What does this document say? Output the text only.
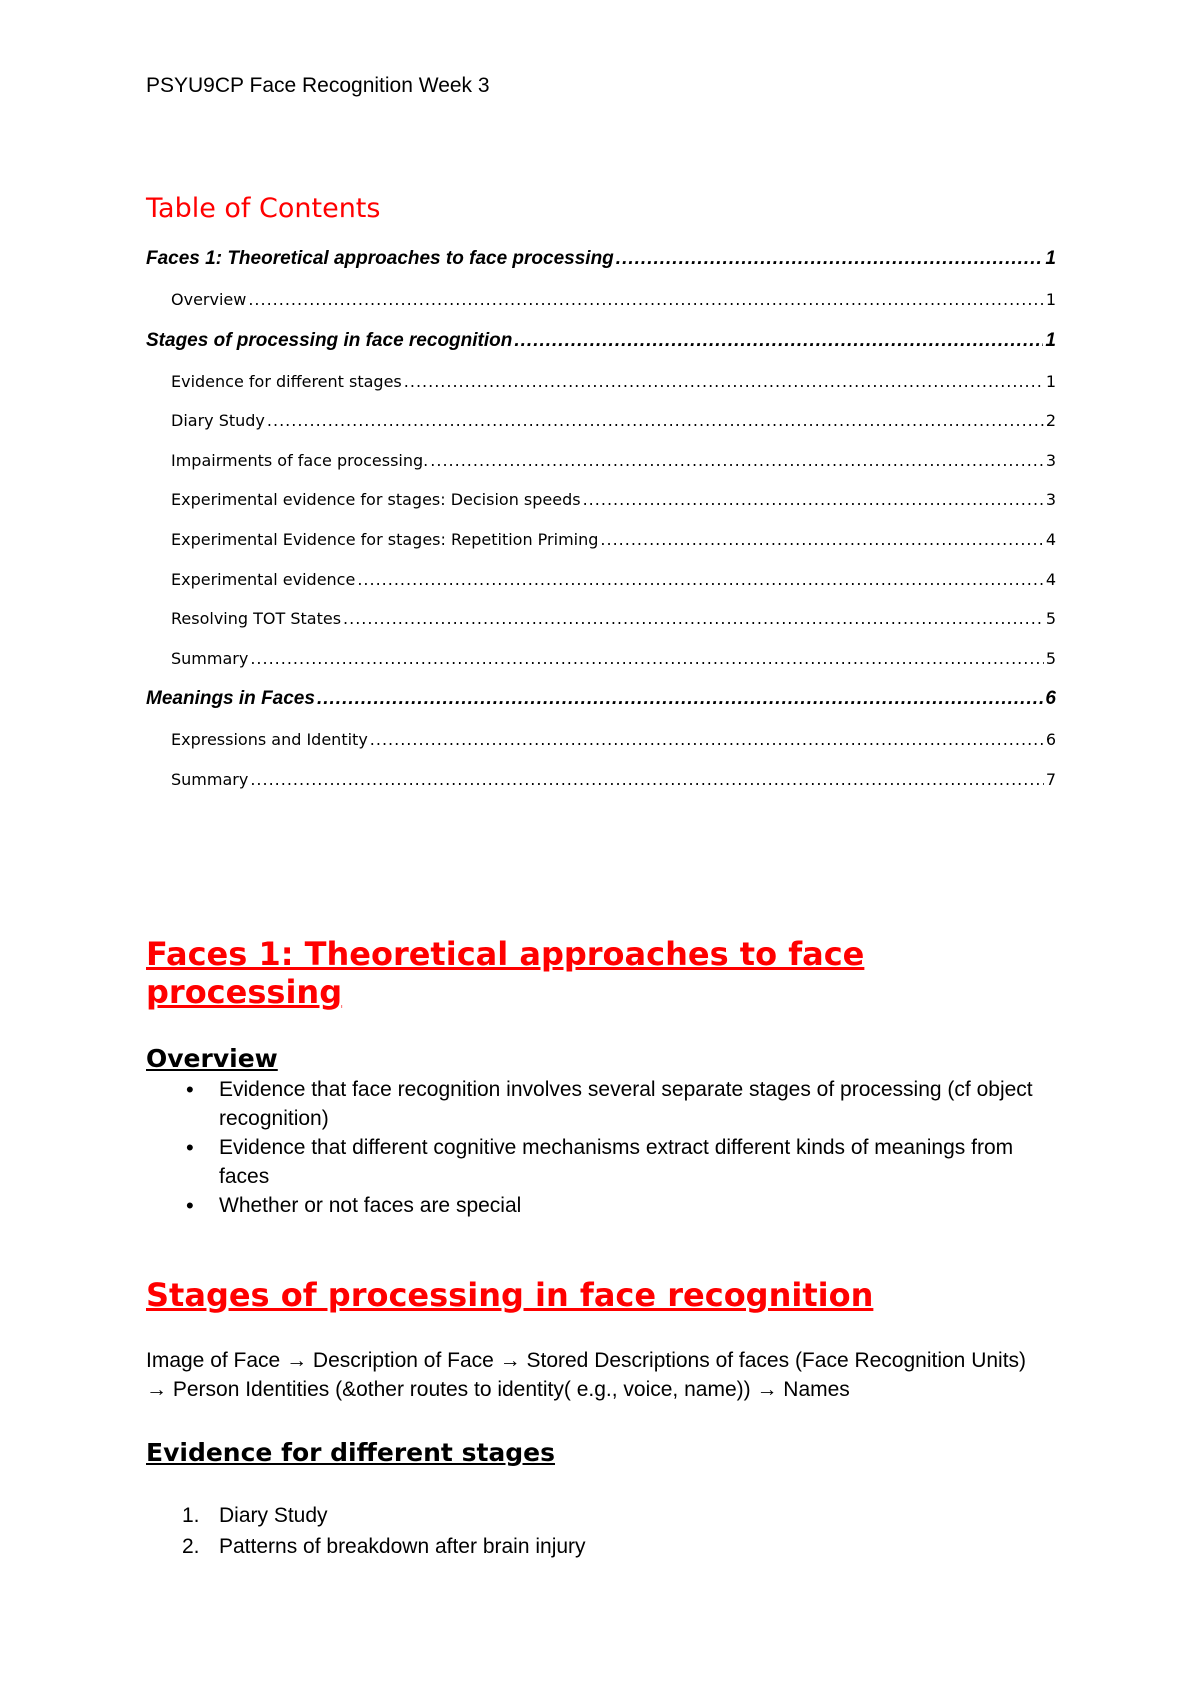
PSYU9CP Face Recognition Week 3
Table of Contents
Faces 1: Theoretical approaches to face processing .....	1
Overview .....	1
Stages of processing in face recognition .....	1
Evidence for different stages .....	1
Diary Study .....	2
Impairments of face processing. .....	3
Experimental evidence for stages: Decision speeds .....	3
Experimental Evidence for stages: Repetition Priming .....	4
Experimental evidence .....	4
Resolving TOT States .....	5
Summary .....	5
Meanings in Faces .....	6
Expressions and Identity .....	6
Summary .....	7
Faces 1: Theoretical approaches to face
processing
Overview
• Evidence that face recognition involves several separate stages of processing (cf object recognition)
• Evidence that different cognitive mechanisms extract different kinds of meanings from faces
• Whether or not faces are special
Stages of processing in face recognition
Image of Face → Description of Face → Stored Descriptions of faces (Face Recognition Units)
→ Person Identities (&other routes to identity( e.g., voice, name)) → Names
Evidence for different stages
1. Diary Study
2. Patterns of breakdown after brain injury
